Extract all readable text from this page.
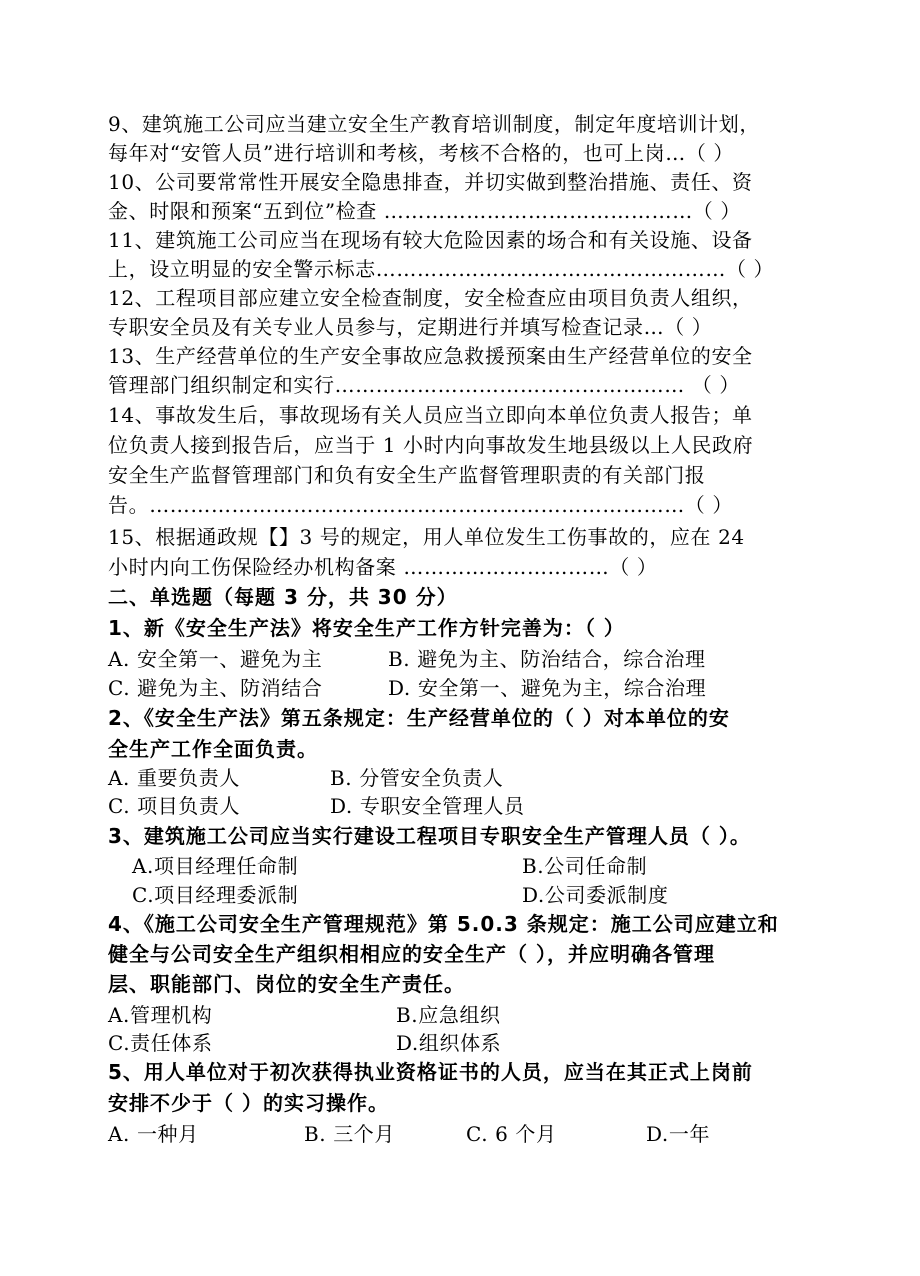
9、建筑施工公司应当建立安全生产教育培训制度，制定年度培训计划，
每年对“安管人员”进行培训和考核，考核不合格的，也可上岗…（ ）
10、公司要常常性开展安全隐患排查，并切实做到整治措施、责任、资
金、时限和预案“五到位”检查 ………………………………………（ ）
11、建筑施工公司应当在现场有较大危险因素的场合和有关设施、设备
上，设立明显的安全警示标志……………………………………………（ ）
12、工程项目部应建立安全检查制度，安全检查应由项目负责人组织，
专职安全员及有关专业人员参与，定期进行并填写检查记录…（ ）
13、生产经营单位的生产安全事故应急救援预案由生产经营单位的安全
管理部门组织制定和实行…………………………………………… （ ）
14、事故发生后，事故现场有关人员应当立即向本单位负责人报告；单
位负责人接到报告后，应当于 1 小时内向事故发生地县级以上人民政府
安全生产监督管理部门和负有安全生产监督管理职责的有关部门报
告。……………………………………………………………………（ ）
15、根据通政规【】3 号的规定，用人单位发生工伤事故的，应在 24
小时内向工伤保险经办机构备案 …………………………（ ）
二、单选题（每题 3 分，共 30 分）
1、新《安全生产法》将安全生产工作方针完善为：（ ）
A. 安全第一、避免为主	B. 避免为主、防治结合，综合治理
C. 避免为主、防消结合	D. 安全第一、避免为主，综合治理
2、《安全生产法》第五条规定：生产经营单位的（ ）对本单位的安
全生产工作全面负责。
A. 重要负责人	B. 分管安全负责人
C. 项目负责人	D. 专职安全管理人员
3、建筑施工公司应当实行建设工程项目专职安全生产管理人员（ ）。
A.项目经理任命制	B.公司任命制
C.项目经理委派制	D.公司委派制度
4、《施工公司安全生产管理规范》第 5.0.3 条规定：施工公司应建立和
健全与公司安全生产组织相相应的安全生产（ ），并应明确各管理
层、职能部门、岗位的安全生产责任。
A.管理机构	B.应急组织
C.责任体系	D.组织体系
5、用人单位对于初次获得执业资格证书的人员，应当在其正式上岗前
安排不少于（ ）的实习操作。
A. 一种月	B. 三个月	C. 6 个月	D.一年
